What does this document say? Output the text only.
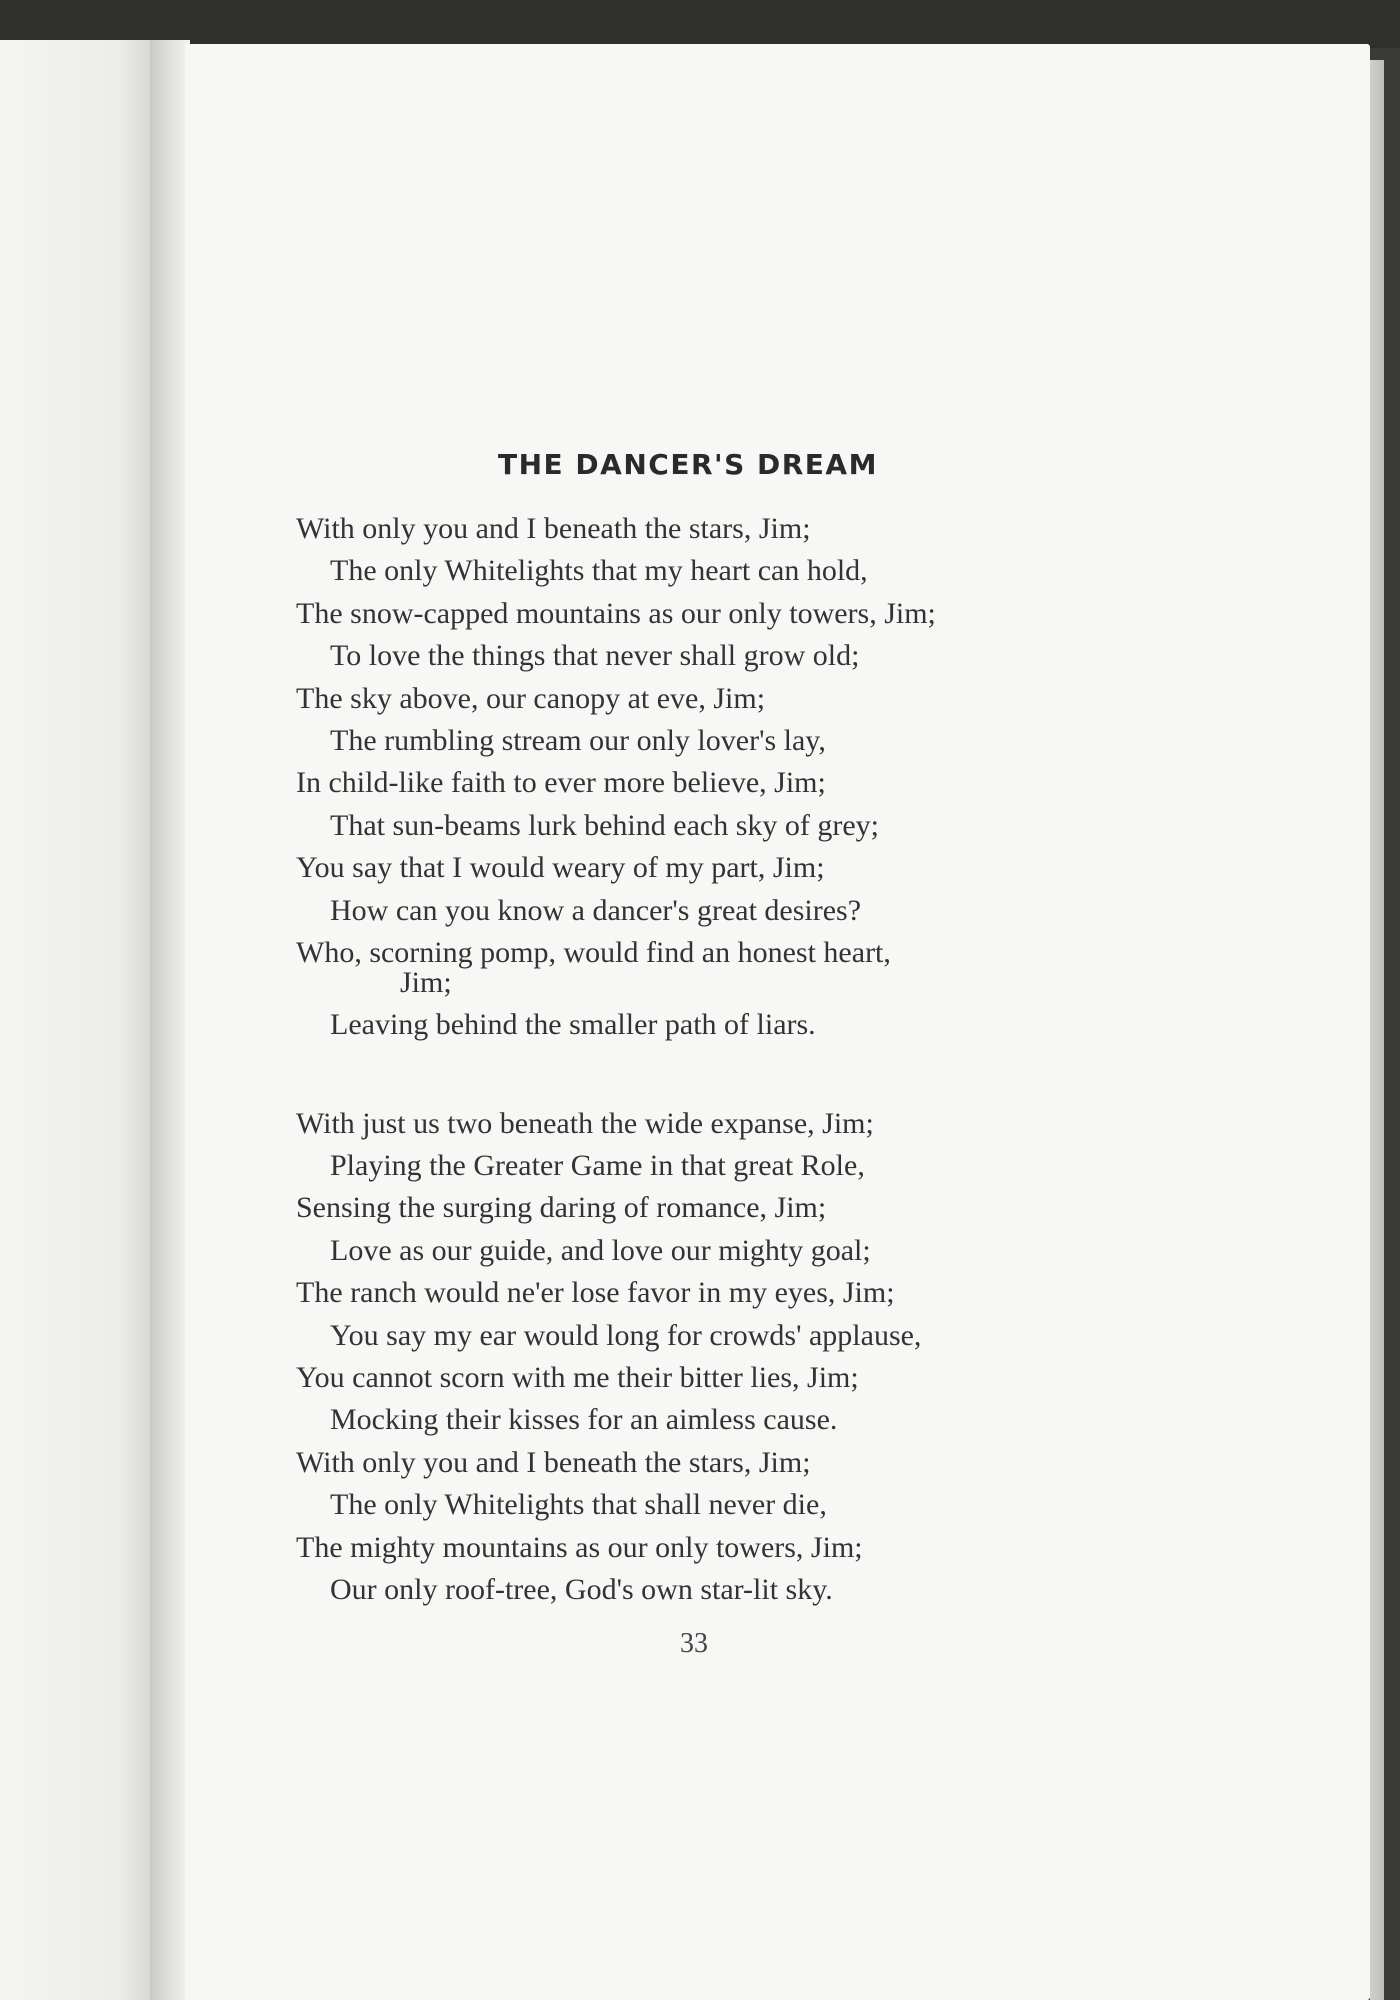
THE DANCER'S DREAM
With only you and I beneath the stars, Jim;
The only Whitelights that my heart can hold,
The snow-capped mountains as our only towers, Jim;
To love the things that never shall grow old;
The sky above, our canopy at eve, Jim;
The rumbling stream our only lover's lay,
In child-like faith to ever more believe, Jim;
That sun-beams lurk behind each sky of grey;
You say that I would weary of my part, Jim;
How can you know a dancer's great desires?
Who, scorning pomp, would find an honest heart,
Jim;
Leaving behind the smaller path of liars.
With just us two beneath the wide expanse, Jim;
Playing the Greater Game in that great Role,
Sensing the surging daring of romance, Jim;
Love as our guide, and love our mighty goal;
The ranch would ne'er lose favor in my eyes, Jim;
You say my ear would long for crowds' applause,
You cannot scorn with me their bitter lies, Jim;
Mocking their kisses for an aimless cause.
With only you and I beneath the stars, Jim;
The only Whitelights that shall never die,
The mighty mountains as our only towers, Jim;
Our only roof-tree, God's own star-lit sky.
33
